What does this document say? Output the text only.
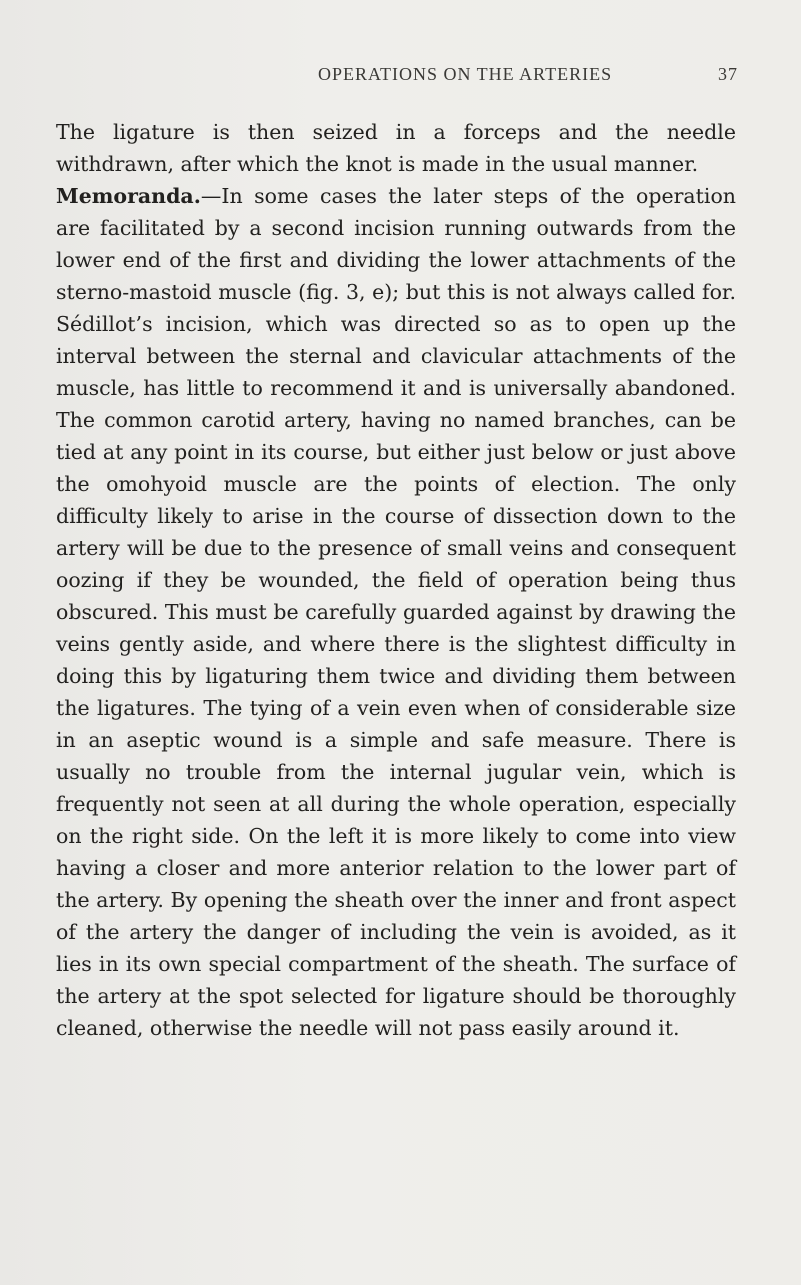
OPERATIONS ON THE ARTERIES	37

The ligature is then seized in a forceps and the needle withdrawn, after which the knot is made in the usual manner.

Memoranda.—In some cases the later steps of the operation are facilitated by a second incision running outwards from the lower end of the first and dividing the lower attachments of the sterno-mastoid muscle (fig. 3, e); but this is not always called for. Sédillot’s incision, which was directed so as to open up the interval between the sternal and clavicular attachments of the muscle, has little to recommend it and is universally abandoned. The common carotid artery, having no named branches, can be tied at any point in its course, but either just below or just above the omohyoid muscle are the points of election. The only difficulty likely to arise in the course of dissection down to the artery will be due to the presence of small veins and consequent oozing if they be wounded, the field of operation being thus obscured. This must be carefully guarded against by drawing the veins gently aside, and where there is the slightest difficulty in doing this by ligaturing them twice and dividing them between the ligatures. The tying of a vein even when of considerable size in an aseptic wound is a simple and safe measure. There is usually no trouble from the internal jugular vein, which is frequently not seen at all during the whole operation, especially on the right side. On the left it is more likely to come into view having a closer and more anterior relation to the lower part of the artery. By opening the sheath over the inner and front aspect of the artery the danger of including the vein is avoided, as it lies in its own special compartment of the sheath. The surface of the artery at the spot selected for ligature should be thoroughly cleaned, otherwise the needle will not pass easily around it.
